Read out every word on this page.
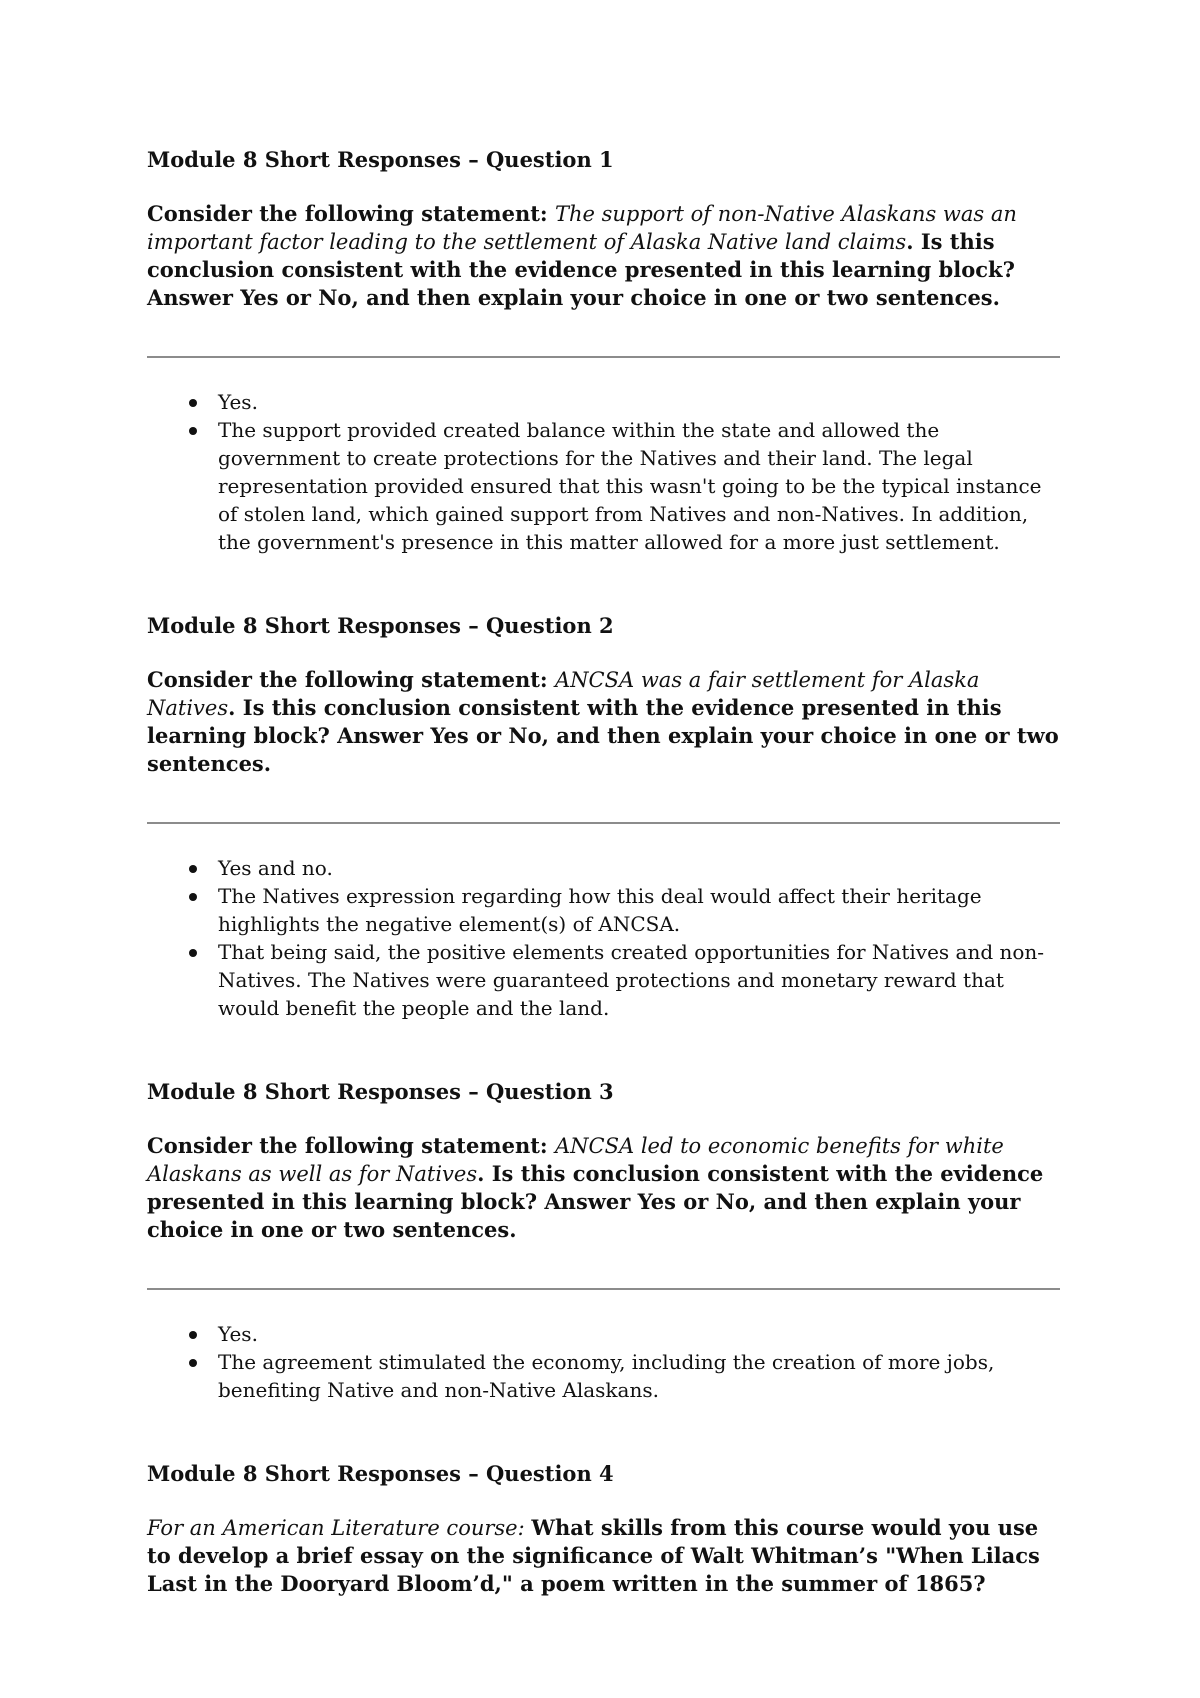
Module 8 Short Responses – Question 1

Consider the following statement: The support of non-Native Alaskans was an important factor leading to the settlement of Alaska Native land claims. Is this conclusion consistent with the evidence presented in this learning block? Answer Yes or No, and then explain your choice in one or two sentences.

Yes.
The support provided created balance within the state and allowed the government to create protections for the Natives and their land. The legal representation provided ensured that this wasn't going to be the typical instance of stolen land, which gained support from Natives and non-Natives. In addition, the government's presence in this matter allowed for a more just settlement.

Module 8 Short Responses – Question 2

Consider the following statement: ANCSA was a fair settlement for Alaska Natives. Is this conclusion consistent with the evidence presented in this learning block? Answer Yes or No, and then explain your choice in one or two sentences.

Yes and no.
The Natives expression regarding how this deal would affect their heritage highlights the negative element(s) of ANCSA.
That being said, the positive elements created opportunities for Natives and non-Natives. The Natives were guaranteed protections and monetary reward that would benefit the people and the land.

Module 8 Short Responses – Question 3

Consider the following statement: ANCSA led to economic benefits for white Alaskans as well as for Natives. Is this conclusion consistent with the evidence presented in this learning block? Answer Yes or No, and then explain your choice in one or two sentences.

Yes.
The agreement stimulated the economy, including the creation of more jobs, benefiting Native and non-Native Alaskans.

Module 8 Short Responses – Question 4

For an American Literature course: What skills from this course would you use to develop a brief essay on the significance of Walt Whitman’s "When Lilacs Last in the Dooryard Bloom’d," a poem written in the summer of 1865?
